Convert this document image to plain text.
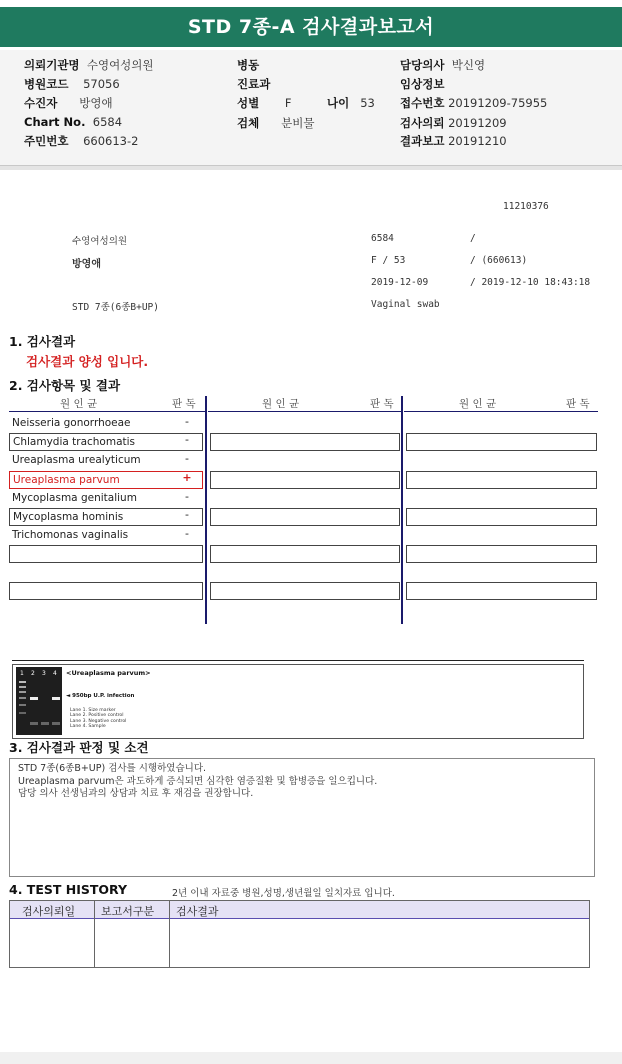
STD 7종-A 검사결과보고서
의뢰기관명 수영여성의원
병원코드 57056
수진자 방영애
Chart No. 6584
주민번호 660613-2
병동
진료과
성별 F	나이 53
검체 분비물
담당의사 박신영
임상정보
접수번호 20191209-75955
검사의뢰 20191209
결과보고 20191210
11210376
수영여성의원	6584	/
방영애	F / 53	/ (660613)
2019-12-09	/ 2019-12-10 18:43:18
STD 7종(6종B+UP)	Vaginal swab
1. 검사결과
검사결과 양성 입니다.
2. 검사항목 및 결과
원 인 균	판 독	원 인 균	판 독	원 인 균	판 독
Neisseria gonorrhoeae	-
Chlamydia trachomatis	-
Ureaplasma urealyticum	-
Ureaplasma parvum	+
Mycoplasma genitalium	-
Mycoplasma hominis	-
Trichomonas vaginalis	-
1 2 3 4 <Ureaplasma parvum>
◄ 950bp U.P. infection
Lane 1. Size marker
Lane 2. Positive control
Lane 3. Negative control
Lane 4. Sample
3. 검사결과 판정 및 소견
STD 7종(6종B+UP) 검사를 시행하였습니다.
Ureaplasma parvum은 과도하게 증식되면 심각한 염증질환 및 합병증을 일으킵니다.
담당 의사 선생님과의 상담과 치료 후 재검을 권장합니다.
4. TEST HISTORY	2년 이내 자료중 병원,성명,생년월일 일치자료 입니다.
검사의뢰일 보고서구분 검사결과
